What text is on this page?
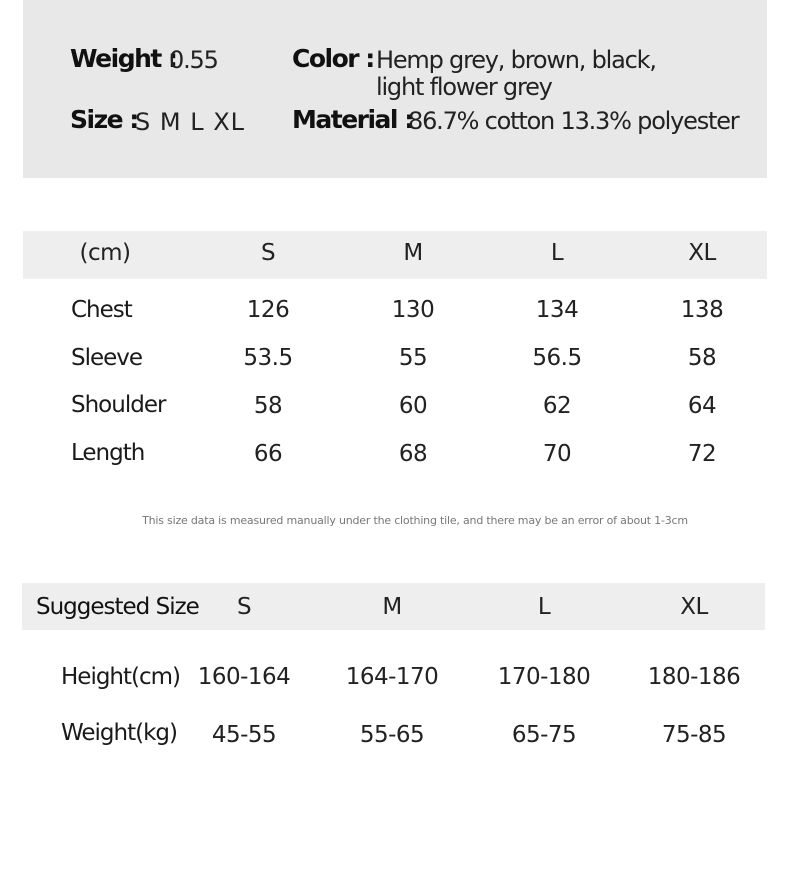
Weight :
0.55
Size :
S M L XL
Color : Hemp grey, brown, black,
light flower grey
Material :
86.7% cotton 13.3% polyester
(cm)	S	M	L	XL
Chest	126	130	134	138
Sleeve	53.5	55	56.5	58
Shoulder	58	60	62	64
Length	66	68	70	72
This size data is measured manually under the clothing tile, and there may be an error of about 1-3cm
Suggested Size S	M	L	XL
Height(cm) 160-164 164-170	170-180 180-186
Weight(kg) 45-55	55-65	65-75	75-85
